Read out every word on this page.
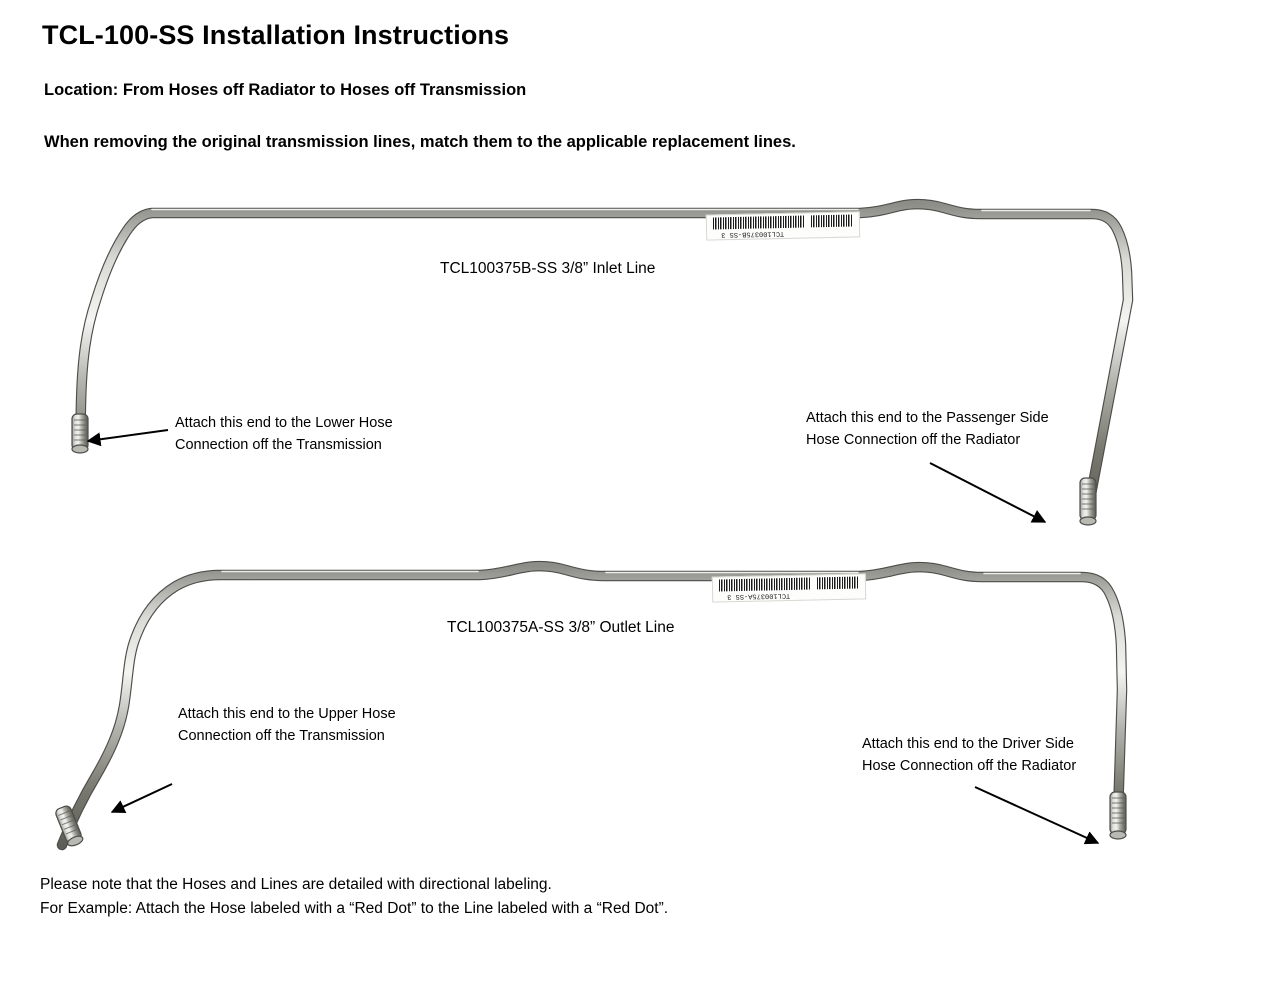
TCL-100-SS Installation Instructions
Location: From Hoses off Radiator to Hoses off Transmission
When removing the original transmission lines, match them to the applicable replacement lines.
TCL100375B-SS 3
TCL100375A-SS 3
TCL100375B-SS 3/8” Inlet Line
TCL100375A-SS 3/8” Outlet Line
Attach this end to the Lower Hose Connection off the Transmission
Attach this end to the Passenger Side Hose Connection off the Radiator
Attach this end to the Upper Hose Connection off the Transmission
Attach this end to the Driver Side Hose Connection off the Radiator
Please note that the Hoses and Lines are detailed with directional labeling.
For Example: Attach the Hose labeled with a “Red Dot” to the Line labeled with a “Red Dot”.
